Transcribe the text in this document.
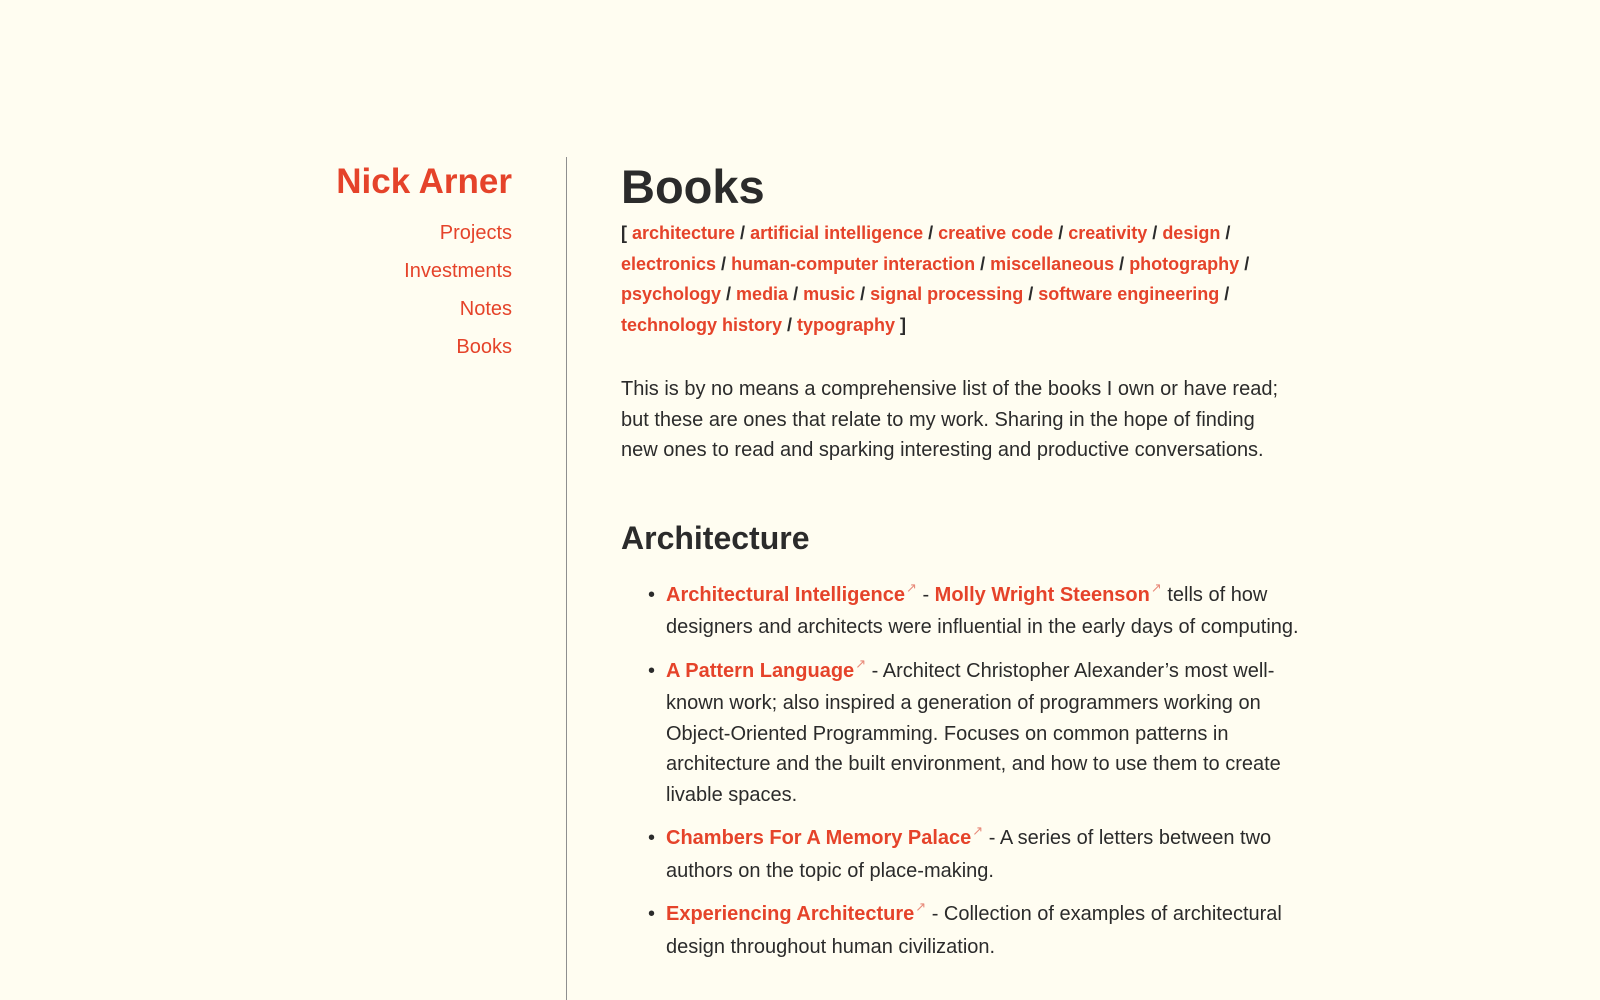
Nick Arner
Projects
Investments
Notes
Books
Books

[ architecture / artificial intelligence / creative code / creativity / design / electronics / human-computer interaction / miscellaneous / photography / psychology / media / music / signal processing / software engineering / technology history / typography ]

This is by no means a comprehensive list of the books I own or have read; but these are ones that relate to my work. Sharing in the hope of finding new ones to read and sparking interesting and productive conversations.

Architecture
• Architectural Intelligence↗ - Molly Wright Steenson↗ tells of how designers and architects were influential in the early days of computing.
• A Pattern Language↗ - Architect Christopher Alexander’s most well-known work; also inspired a generation of programmers working on Object-Oriented Programming. Focuses on common patterns in architecture and the built environment, and how to use them to create livable spaces.
• Chambers For A Memory Palace↗ - A series of letters between two authors on the topic of place-making.
• Experiencing Architecture↗ - Collection of examples of architectural design throughout human civilization.
